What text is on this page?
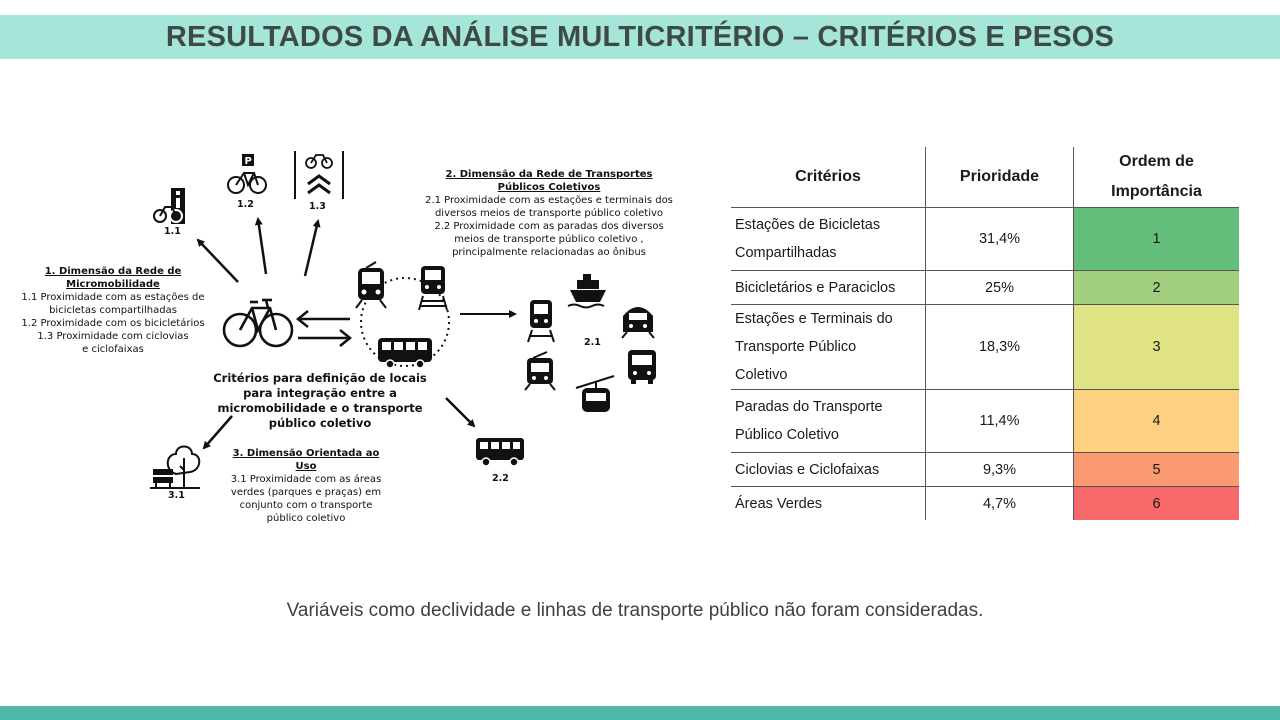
RESULTADOS DA ANÁLISE MULTICRITÉRIO – CRITÉRIOS E PESOS
P
1.1
1.2	1.3
2.1
2.2
3.1
1. Dimensão da Rede de Micromobilidade
1.1 Proximidade com as estações de bicicletas compartilhadas
1.2 Proximidade com os bicicletários
1.3 Proximidade com ciclovias e ciclofaixas
2. Dimensão da Rede de Transportes Públicos Coletivos
2.1 Proximidade com as estações e terminais dos diversos meios de transporte público coletivo
2.2 Proximidade com as paradas dos diversos meios de transporte público coletivo , principalmente relacionadas ao ônibus
3. Dimensão Orientada ao Uso
3.1 Proximidade com as áreas verdes (parques e praças) em conjunto com o transporte público coletivo
Critérios para definição de locais para integração entre a micromobilidade e o transporte público coletivo
Critérios	Prioridade	Ordem de
Importância

Estações de Bicicletas
Compartilhadas	31,4%	1

Bicicletários e Paraciclos	25%	2

Estações e Terminais do
Transporte Público
Coletivo	18,3%	3

Paradas do Transporte
Público Coletivo	11,4%	4

Ciclovias e Ciclofaixas	9,3%	5

Áreas Verdes	4,7%	6
Variáveis como declividade e linhas de transporte público não foram consideradas.
